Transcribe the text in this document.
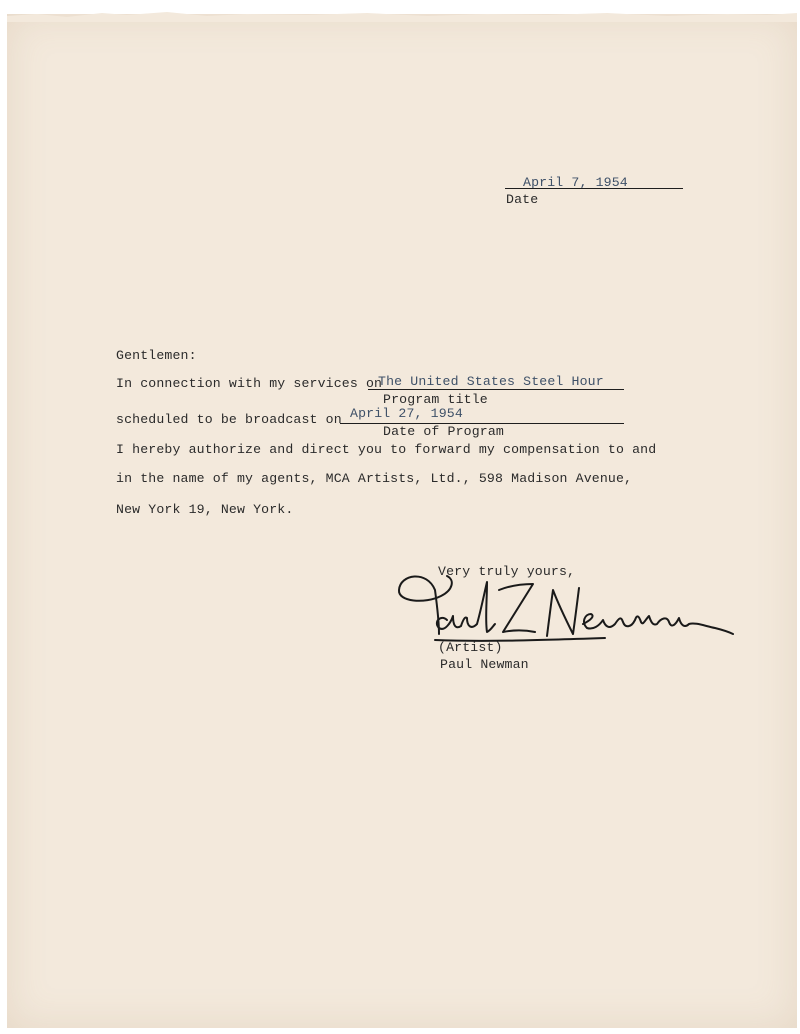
April 7, 1954
Date
Gentlemen:
In connection with my services on
The United States Steel Hour
Program title
scheduled to be broadcast on April 27, 1954
Date of Program
I hereby authorize and direct you to forward my compensation to and
in the name of my agents, MCA Artists, Ltd., 598 Madison Avenue,
New York 19, New York.
Very truly yours,
(Artist)
Paul Newman
